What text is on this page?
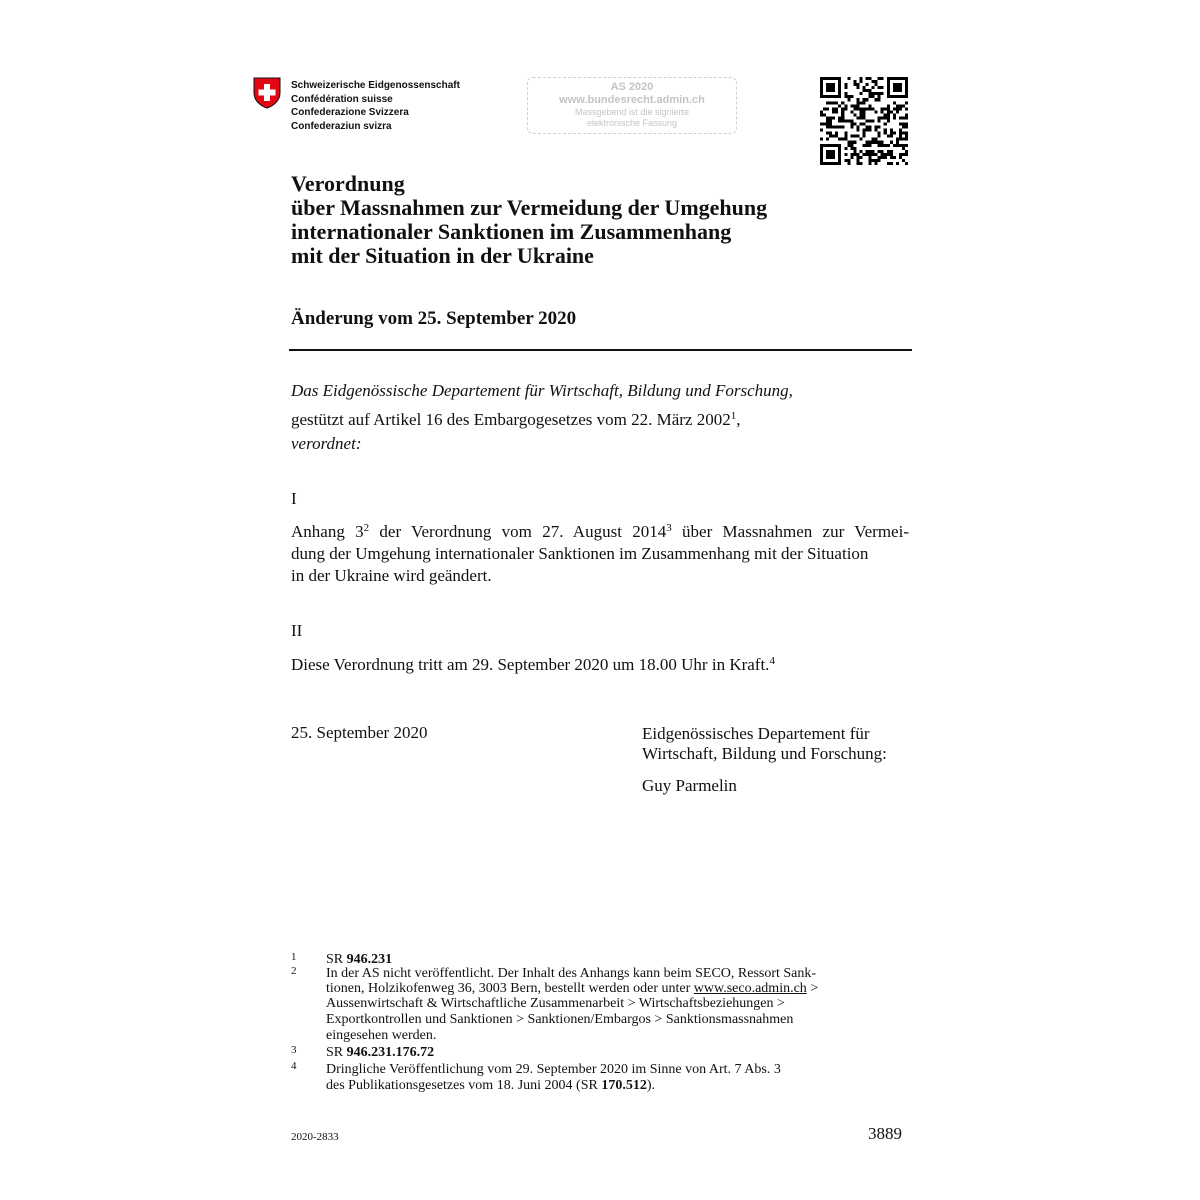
Schweizerische Eidgenossenschaft
Confédération suisse
Confederazione Svizzera
Confederaziun svizra
AS 2020
www.bundesrecht.admin.ch
Massgebend ist die signierte
elektronische Fassung
Verordnung
über Massnahmen zur Vermeidung der Umgehung
internationaler Sanktionen im Zusammenhang
mit der Situation in der Ukraine
Änderung vom 25. September 2020
Das Eidgenössische Departement für Wirtschaft, Bildung und Forschung,
gestützt auf Artikel 16 des Embargogesetzes vom 22. März 2002$^1$,
verordnet:
I
Anhang $3^2$ der Verordnung vom 27. August 2014$^3$ über Massnahmen zur Vermei-
dung der Umgehung internationaler Sanktionen im Zusammenhang mit der Situation
in der Ukraine wird geändert.
II
Diese Verordnung tritt am 29. September 2020 um 18.00 Uhr in Kraft.$^4$
25. September 2020	Eidgenössisches Departement für
Wirtschaft, Bildung und Forschung:
Guy Parmelin
1 SR 946.231
2 In der AS nicht veröffentlicht. Der Inhalt des Anhangs kann beim SECO, Ressort Sank-
tionen, Holzikofenweg 36, 3003 Bern, bestellt werden oder unter www.seco.admin.ch >
Aussenwirtschaft & Wirtschaftliche Zusammenarbeit > Wirtschaftsbeziehungen >
Exportkontrollen und Sanktionen > Sanktionen/Embargos > Sanktionsmassnahmen
eingesehen werden.
3 SR 946.231.176.72
4 Dringliche Veröffentlichung vom 29. September 2020 im Sinne von Art. 7 Abs. 3
des Publikationsgesetzes vom 18. Juni 2004 (SR 170.512).
2020-2833	3889
